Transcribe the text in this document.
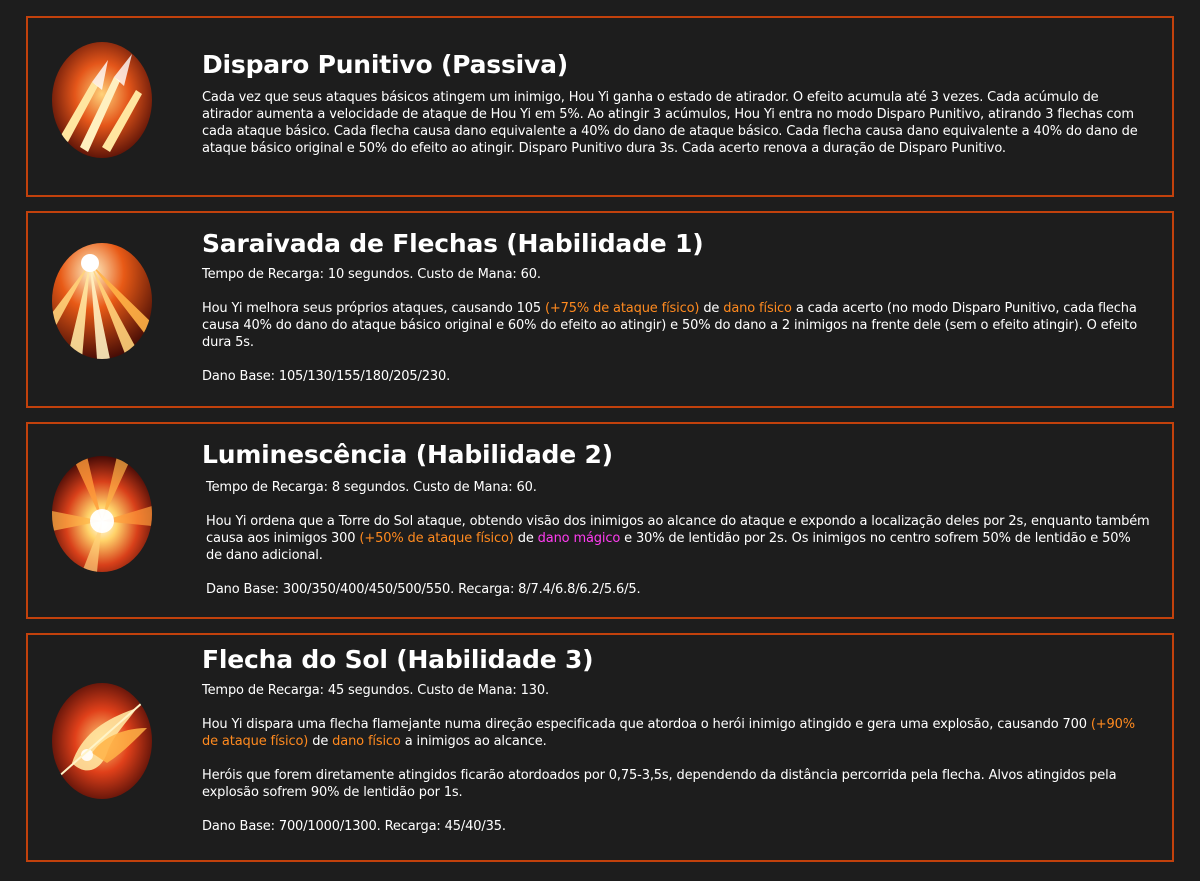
Disparo Punitivo (Passiva)
Cada vez que seus ataques básicos atingem um inimigo, Hou Yi ganha o estado de atirador. O efeito acumula até 3 vezes. Cada acúmulo de atirador aumenta a velocidade de ataque de Hou Yi em 5%. Ao atingir 3 acúmulos, Hou Yi entra no modo Disparo Punitivo, atirando 3 flechas com cada ataque básico. Cada flecha causa dano equivalente a 40% do dano de ataque básico. Cada flecha causa dano equivalente a 40% do dano de ataque básico original e 50% do efeito ao atingir. Disparo Punitivo dura 3s. Cada acerto renova a duração de Disparo Punitivo.
Saraivada de Flechas (Habilidade 1)
Tempo de Recarga: 10 segundos. Custo de Mana: 60.
Hou Yi melhora seus próprios ataques, causando 105 (+75% de ataque físico) de dano físico a cada acerto (no modo Disparo Punitivo, cada flecha causa 40% do dano do ataque básico original e 60% do efeito ao atingir) e 50% do dano a 2 inimigos na frente dele (sem o efeito atingir). O efeito dura 5s.
Dano Base: 105/130/155/180/205/230.
Luminescência (Habilidade 2)
Tempo de Recarga: 8 segundos. Custo de Mana: 60.
Hou Yi ordena que a Torre do Sol ataque, obtendo visão dos inimigos ao alcance do ataque e expondo a localização deles por 2s, enquanto também causa aos inimigos 300 (+50% de ataque físico) de dano mágico e 30% de lentidão por 2s. Os inimigos no centro sofrem 50% de lentidão e 50% de dano adicional.
Dano Base: 300/350/400/450/500/550. Recarga: 8/7.4/6.8/6.2/5.6/5.
Flecha do Sol (Habilidade 3)
Tempo de Recarga: 45 segundos. Custo de Mana: 130.
Hou Yi dispara uma flecha flamejante numa direção especificada que atordoa o herói inimigo atingido e gera uma explosão, causando 700 (+90% de ataque físico) de dano físico a inimigos ao alcance.
Heróis que forem diretamente atingidos ficarão atordoados por 0,75-3,5s, dependendo da distância percorrida pela flecha. Alvos atingidos pela explosão sofrem 90% de lentidão por 1s.
Dano Base: 700/1000/1300. Recarga: 45/40/35.
